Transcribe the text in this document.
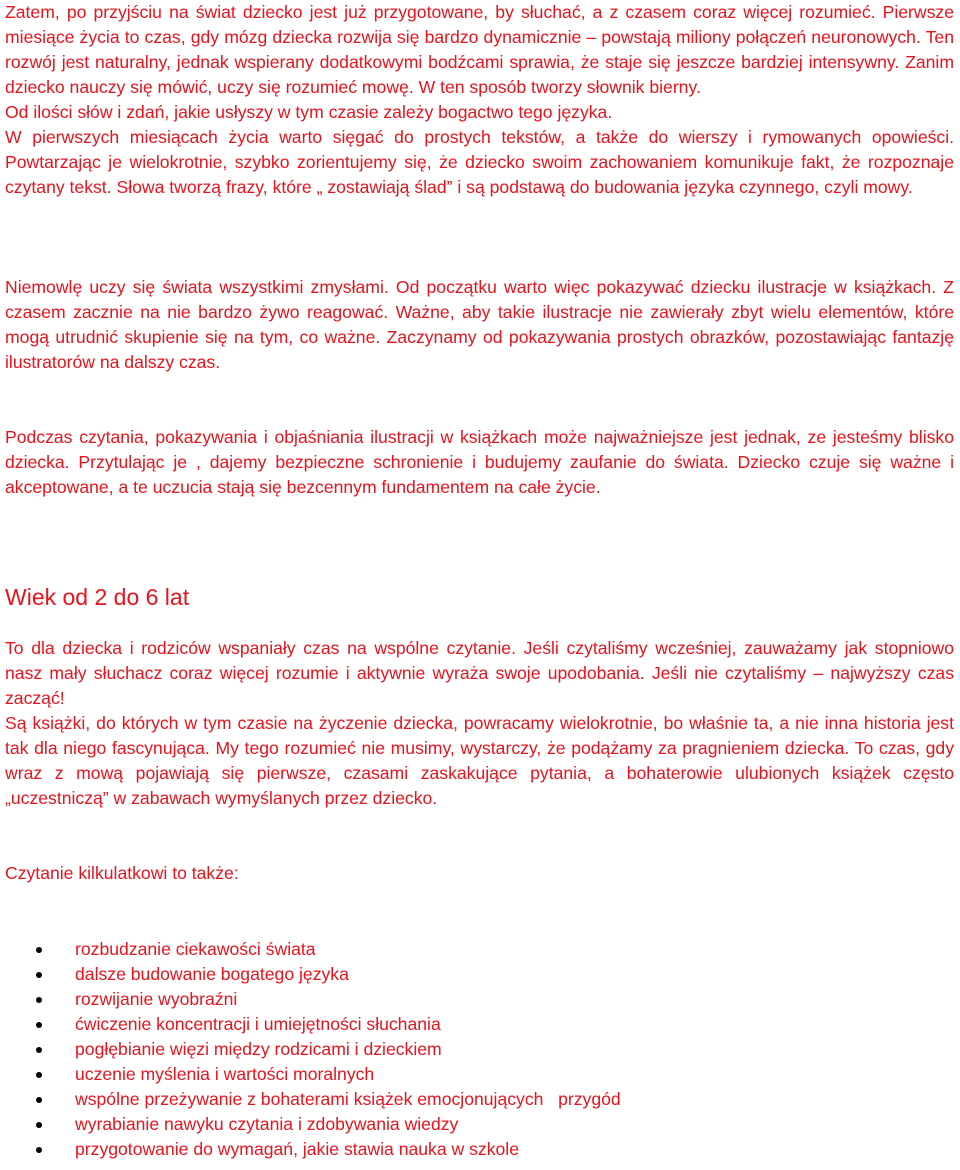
Zatem, po przyjściu na świat dziecko jest już przygotowane, by słuchać, a z czasem coraz więcej rozumieć. Pierwsze miesiące życia to czas, gdy mózg dziecka rozwija się bardzo dynamicznie – powstają miliony połączeń neuronowych. Ten rozwój jest naturalny, jednak wspierany dodatkowymi bodźcami sprawia, że staje się jeszcze bardziej intensywny. Zanim dziecko nauczy się mówić, uczy się rozumieć mowę. W ten sposób tworzy słownik bierny.
Od ilości słów i zdań, jakie usłyszy w tym czasie zależy bogactwo tego języka.
W pierwszych miesiącach życia warto sięgać do prostych tekstów, a także do wierszy i rymowanych opowieści. Powtarzając je wielokrotnie, szybko zorientujemy się, że dziecko swoim zachowaniem komunikuje fakt, że rozpoznaje czytany tekst. Słowa tworzą frazy, które „ zostawiają ślad” i są podstawą do budowania języka czynnego, czyli mowy.

Niemowlę uczy się świata wszystkimi zmysłami. Od początku warto więc pokazywać dziecku ilustracje w książkach. Z czasem zacznie na nie bardzo żywo reagować. Ważne, aby takie ilustracje nie zawierały zbyt wielu elementów, które mogą utrudnić skupienie się na tym, co ważne. Zaczynamy od pokazywania prostych obrazków, pozostawiając fantazję ilustratorów na dalszy czas.

Podczas czytania, pokazywania i objaśniania ilustracji w książkach może najważniejsze jest jednak, ze jesteśmy blisko dziecka. Przytulając je , dajemy bezpieczne schronienie i budujemy zaufanie do świata. Dziecko czuje się ważne i akceptowane, a te uczucia stają się bezcennym fundamentem na całe życie.

Wiek od 2 do 6 lat
To dla dziecka i rodziców wspaniały czas na wspólne czytanie. Jeśli czytaliśmy wcześniej, zauważamy jak stopniowo nasz mały słuchacz coraz więcej rozumie i aktywnie wyraża swoje upodobania. Jeśli nie czytaliśmy – najwyższy czas zacząć!
Są książki, do których w tym czasie na życzenie dziecka, powracamy wielokrotnie, bo właśnie ta, a nie inna historia jest tak dla niego fascynująca. My tego rozumieć nie musimy, wystarczy, że podążamy za pragnieniem dziecka. To czas, gdy wraz z mową pojawiają się pierwsze, czasami zaskakujące pytania, a bohaterowie ulubionych książek często „uczestniczą” w zabawach wymyślanych przez dziecko.

Czytanie kilkulatkowi to także:

rozbudzanie ciekawości świata
dalsze budowanie bogatego języka
rozwijanie wyobraźni
ćwiczenie koncentracji i umiejętności słuchania
pogłębianie więzi między rodzicami i dzieckiem
uczenie myślenia i wartości moralnych
wspólne przeżywanie z bohaterami książek emocjonujących   przygód
wyrabianie nawyku czytania i zdobywania wiedzy
przygotowanie do wymagań, jakie stawia nauka w szkole
